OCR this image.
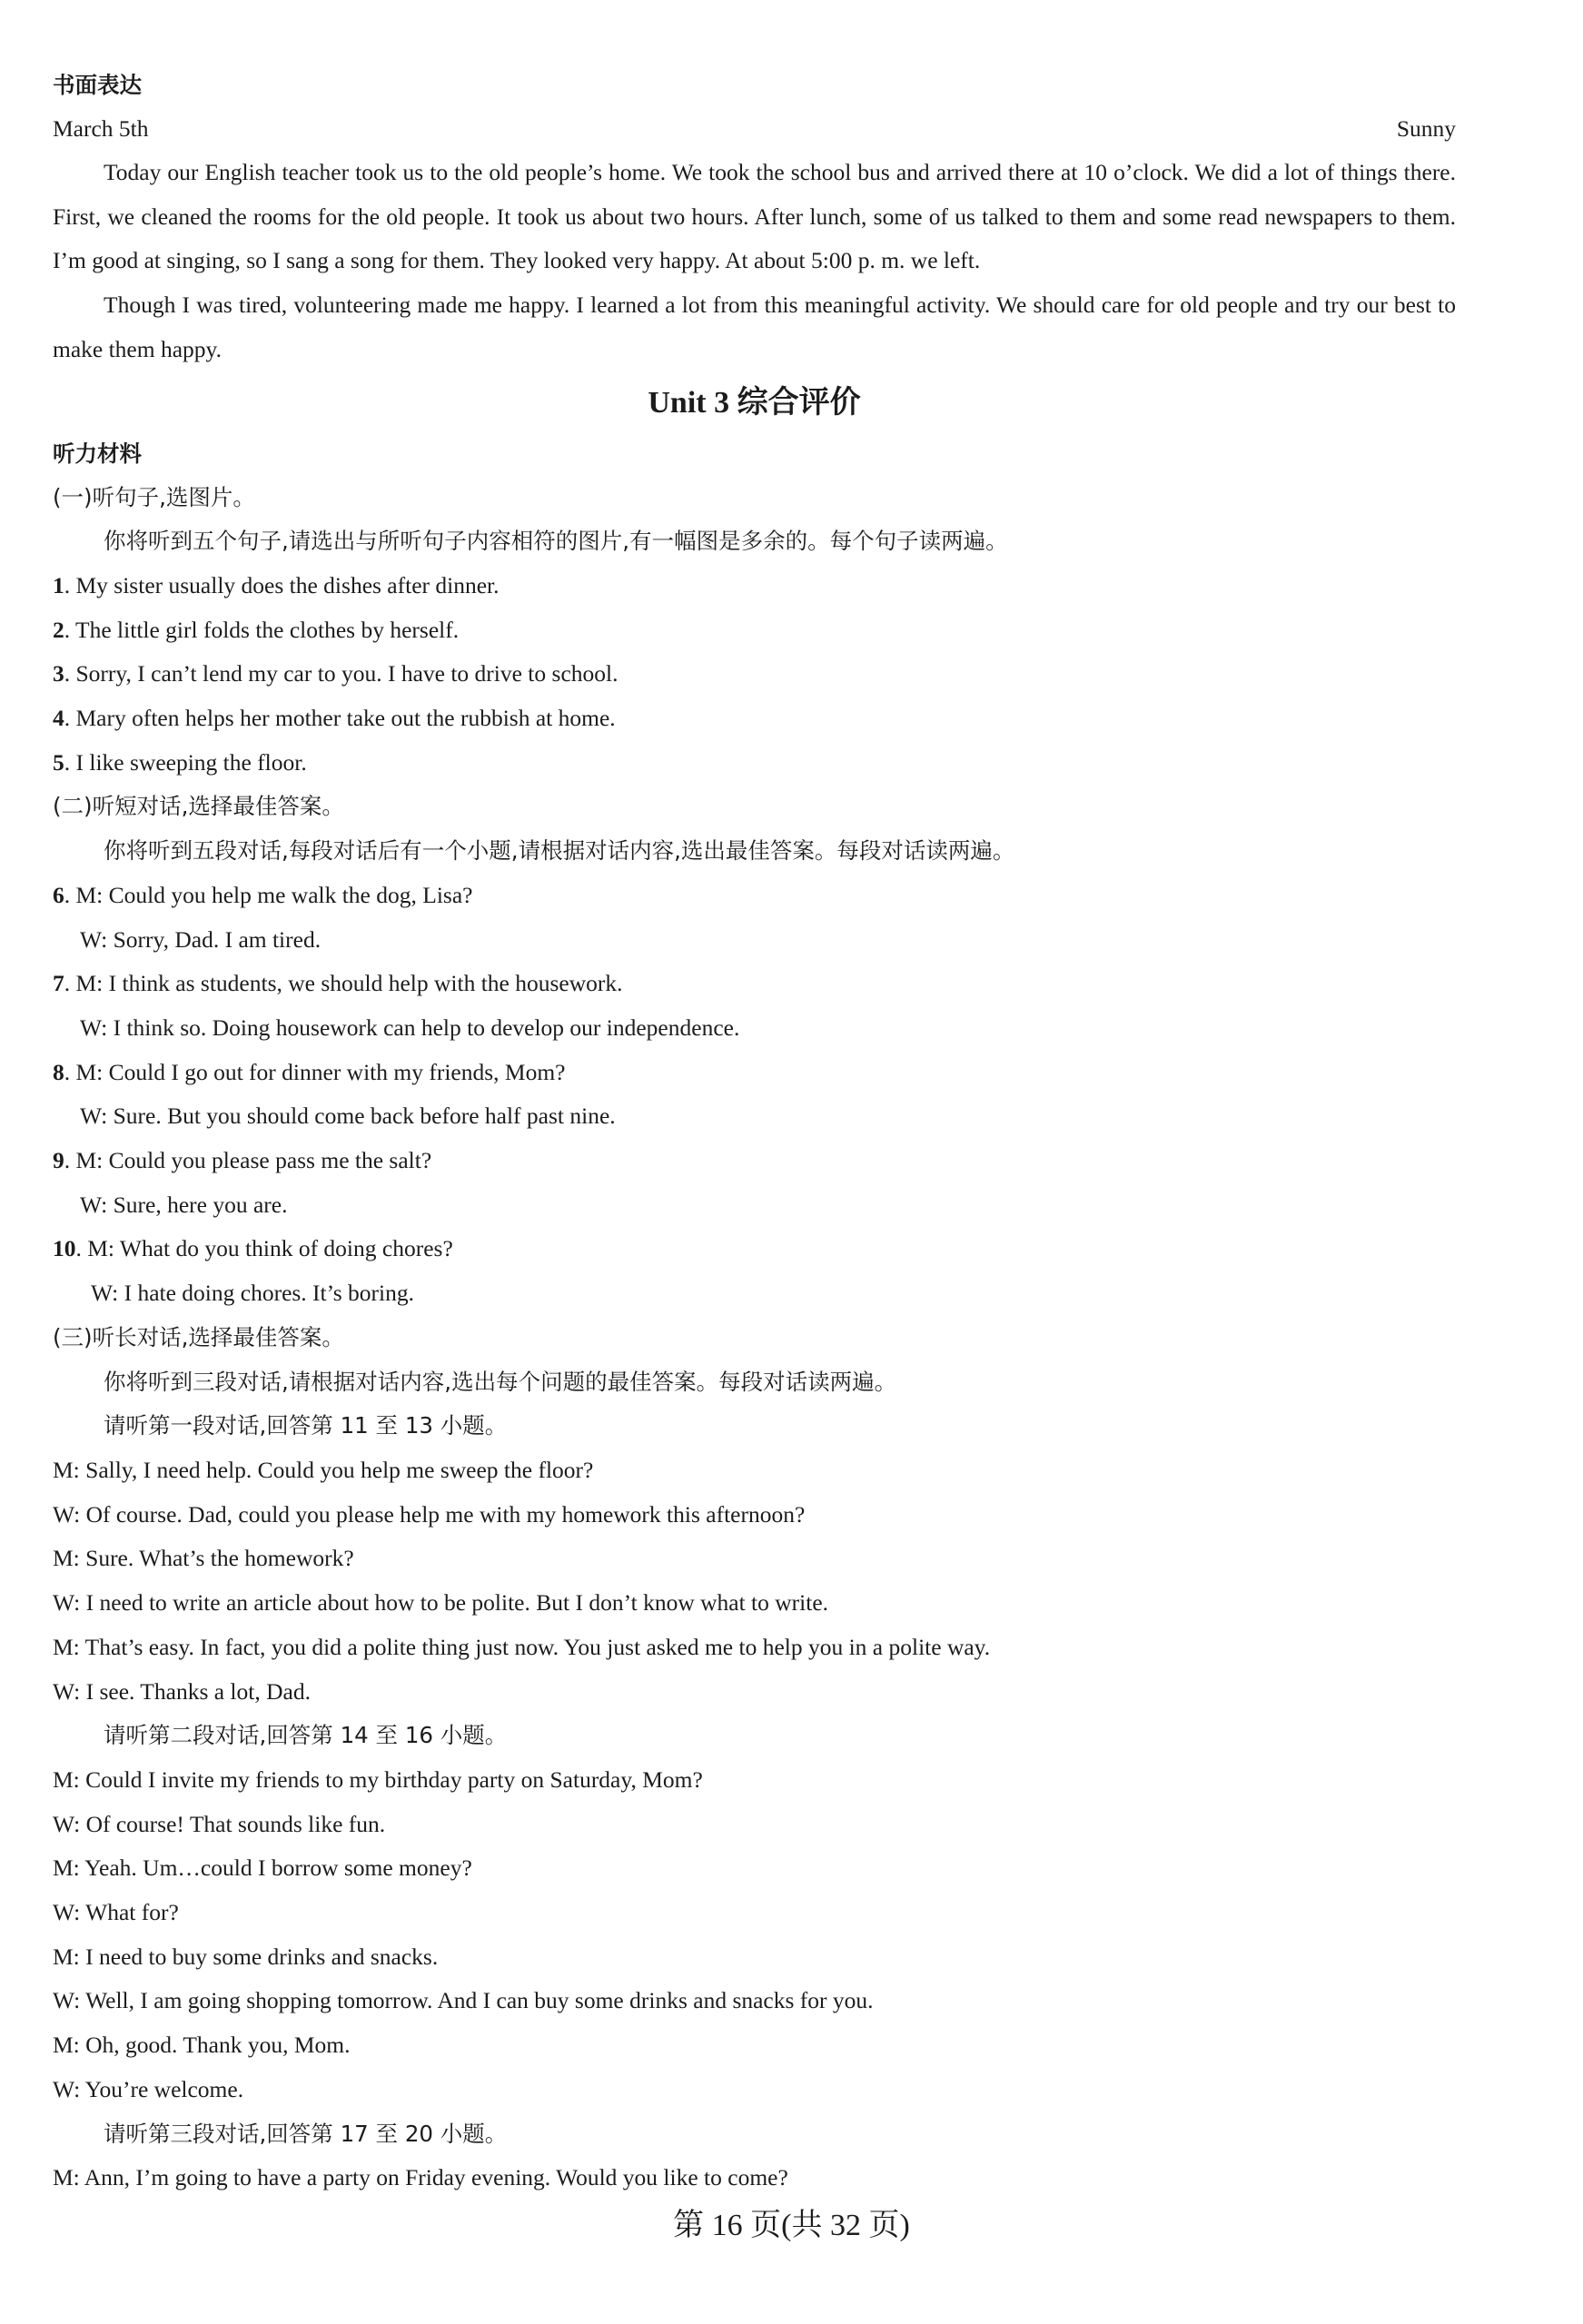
书面表达
March 5th	Sunny

Today our English teacher took us to the old people’s home. We took the school bus and arrived there at 10 o’clock. We did a lot of things there. First, we cleaned the rooms for the old people. It took us about two hours. After lunch, some of us talked to them and some read newspapers to them. I’m good at singing, so I sang a song for them. They looked very happy. At about 5:00 p. m. we left.

Though I was tired, volunteering made me happy. I learned a lot from this meaningful activity. We should care for old people and try our best to make them happy.

Unit 3 综合评价
听力材料
(一)听句子,选图片。
你将听到五个句子,请选出与所听句子内容相符的图片,有一幅图是多余的。每个句子读两遍。
1. My sister usually does the dishes after dinner.
2. The little girl folds the clothes by herself.
3. Sorry, I can’t lend my car to you. I have to drive to school.
4. Mary often helps her mother take out the rubbish at home.
5. I like sweeping the floor.
(二)听短对话,选择最佳答案。
你将听到五段对话,每段对话后有一个小题,请根据对话内容,选出最佳答案。每段对话读两遍。
6. M: Could you help me walk the dog, Lisa?
W: Sorry, Dad. I am tired.
7. M: I think as students, we should help with the housework.
W: I think so. Doing housework can help to develop our independence.
8. M: Could I go out for dinner with my friends, Mom?
W: Sure. But you should come back before half past nine.
9. M: Could you please pass me the salt?
W: Sure, here you are.
10. M: What do you think of doing chores?
W: I hate doing chores. It’s boring.
(三)听长对话,选择最佳答案。
你将听到三段对话,请根据对话内容,选出每个问题的最佳答案。每段对话读两遍。
请听第一段对话,回答第 11 至 13 小题。
M: Sally, I need help. Could you help me sweep the floor?
W: Of course. Dad, could you please help me with my homework this afternoon?
M: Sure. What’s the homework?
W: I need to write an article about how to be polite. But I don’t know what to write.
M: That’s easy. In fact, you did a polite thing just now. You just asked me to help you in a polite way.
W: I see. Thanks a lot, Dad.
请听第二段对话,回答第 14 至 16 小题。
M: Could I invite my friends to my birthday party on Saturday, Mom?
W: Of course! That sounds like fun.
M: Yeah. Um…could I borrow some money?
W: What for?
M: I need to buy some drinks and snacks.
W: Well, I am going shopping tomorrow. And I can buy some drinks and snacks for you.
M: Oh, good. Thank you, Mom.
W: You’re welcome.
请听第三段对话,回答第 17 至 20 小题。
M: Ann, I’m going to have a party on Friday evening. Would you like to come?
第 16 页(共 32 页)
